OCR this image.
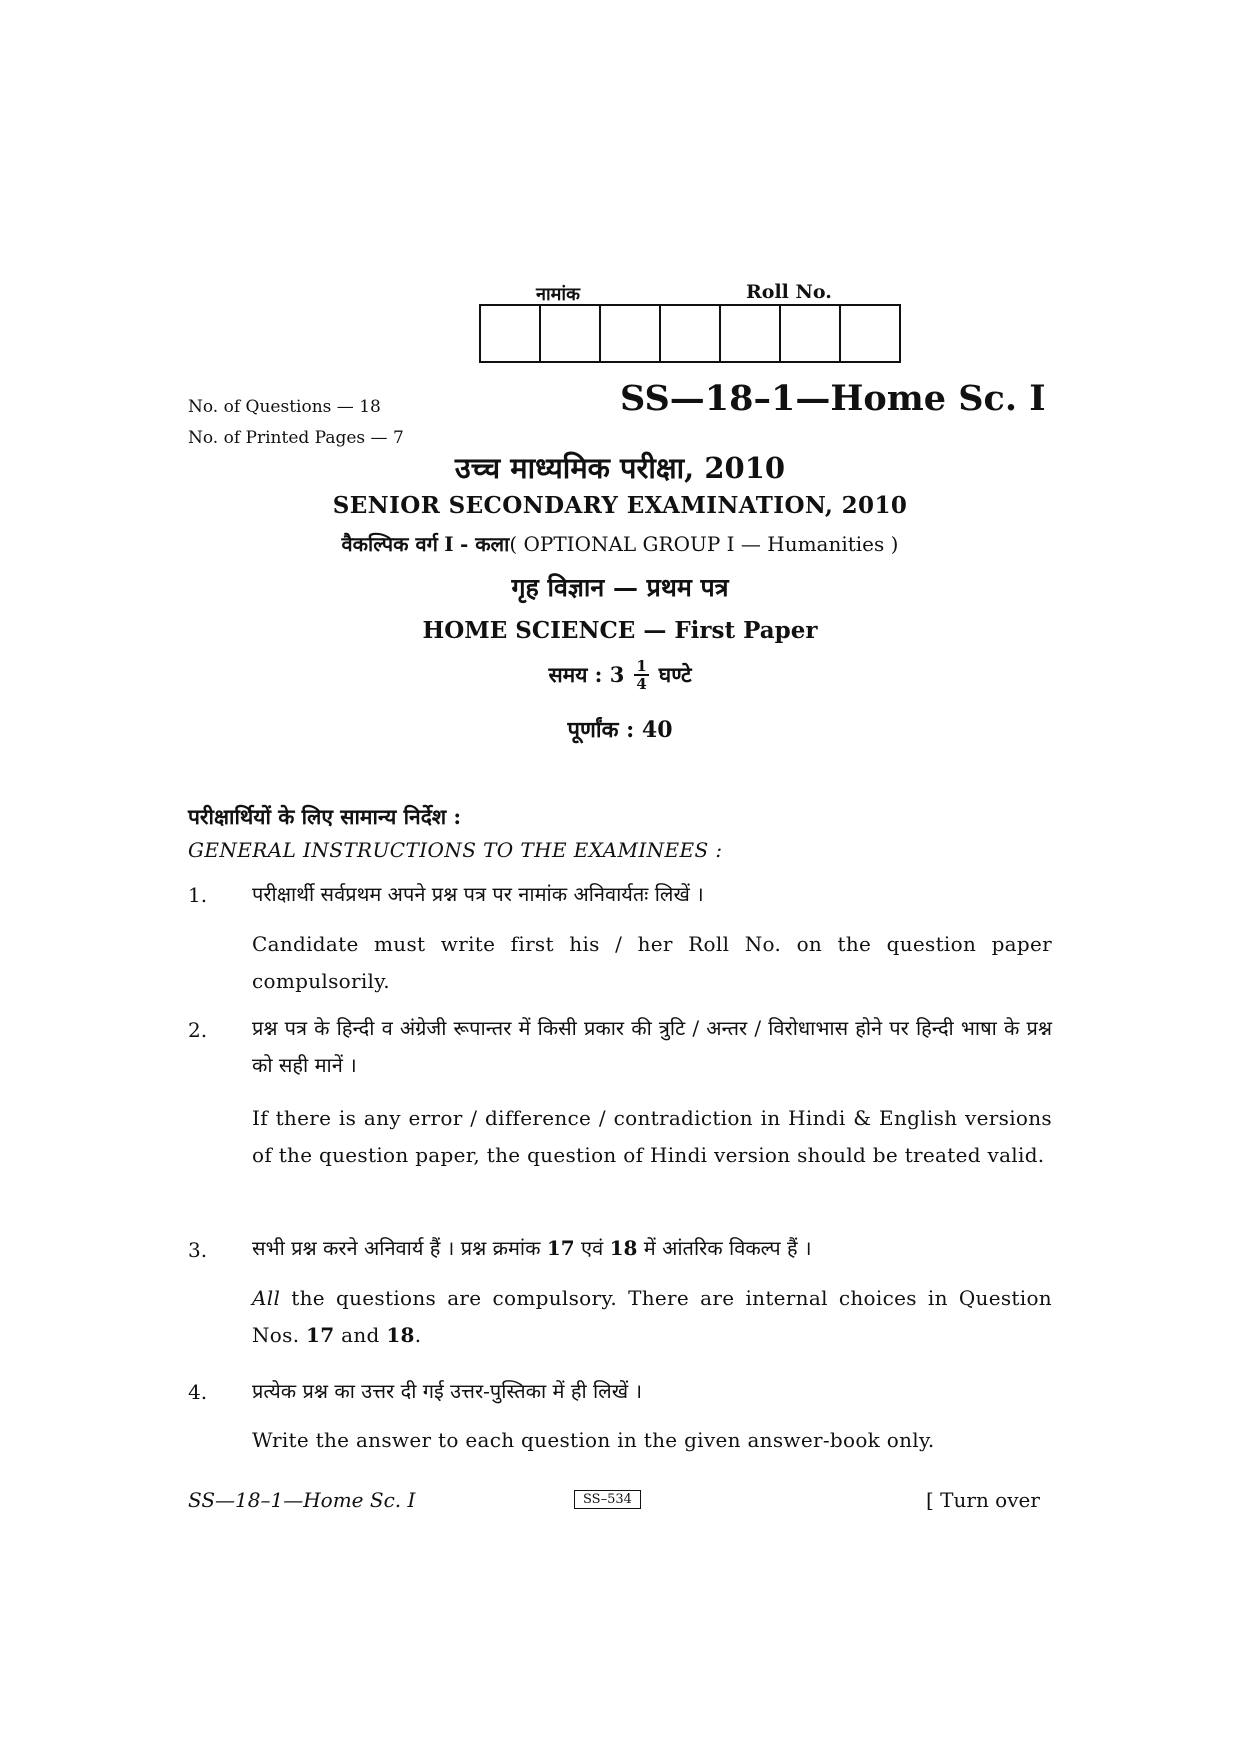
नामांक	Roll No.
No. of Questions — 18
No. of Printed Pages — 7
SS—18–1—Home Sc. I
उच्च माध्यमिक परीक्षा, 2010
SENIOR SECONDARY EXAMINATION, 2010
वैकल्पिक वर्ग I - कला( OPTIONAL GROUP I — Humanities )
गृह विज्ञान — प्रथम पत्र
HOME SCIENCE — First Paper
समय : $3 \frac{1}{4}$ घण्टे
पूर्णांक : 40
परीक्षार्थियों के लिए सामान्य निर्देश :
GENERAL INSTRUCTIONS TO THE EXAMINEES :
1. परीक्षार्थी सर्वप्रथम अपने प्रश्न पत्र पर नामांक अनिवार्यतः लिखें ।
Candidate must write first his / her Roll No. on the question paper compulsorily.
2. प्रश्न पत्र के हिन्दी व अंग्रेजी रूपान्तर में किसी प्रकार की त्रुटि / अन्तर / विरोधाभास होने पर हिन्दी भाषा के प्रश्न को सही मानें ।
If there is any error / difference / contradiction in Hindi & English versions of the question paper, the question of Hindi version should be treated valid.
3. सभी प्रश्न करने अनिवार्य हैं । प्रश्न क्रमांक 17 एवं 18 में आंतरिक विकल्प हैं ।
All the questions are compulsory. There are internal choices in Question Nos. 17 and 18.
4. प्रत्येक प्रश्न का उत्तर दी गई उत्तर-पुस्तिका में ही लिखें ।
Write the answer to each question in the given answer-book only.
SS—18–1—Home Sc. I	SS–534	[ Turn over
